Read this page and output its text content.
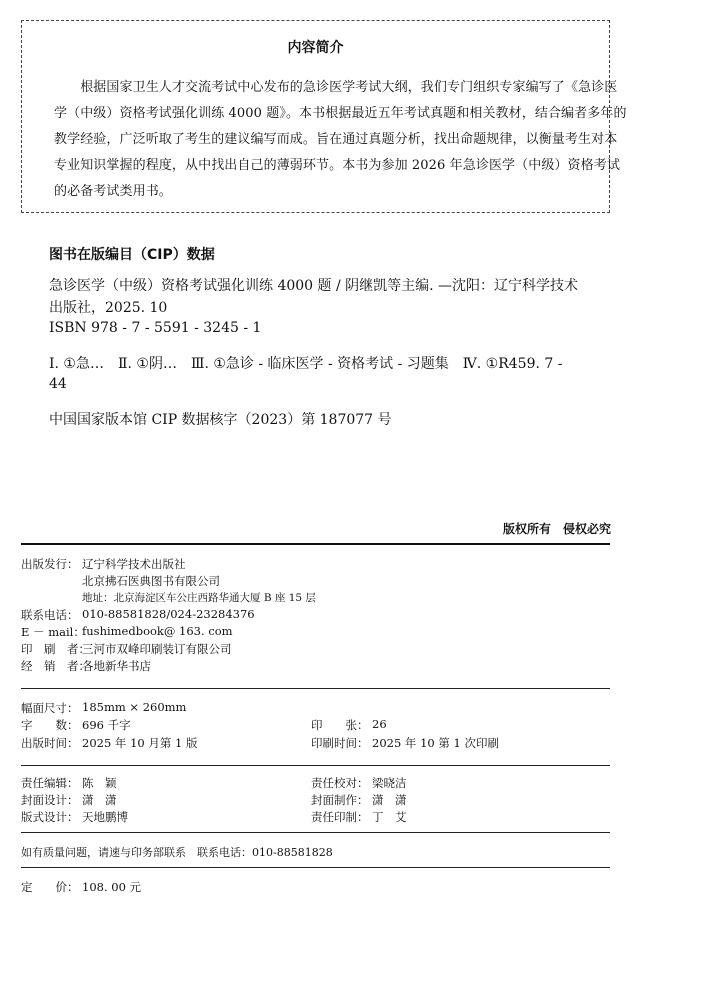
内容简介
　　根据国家卫生人才交流考试中心发布的急诊医学考试大纲，我们专门组织专家编写了《急诊医
学（中级）资格考试强化训练 4000 题》。本书根据最近五年考试真题和相关教材，结合编者多年的
教学经验，广泛听取了考生的建议编写而成。旨在通过真题分析，找出命题规律，以衡量考生对本
专业知识掌握的程度，从中找出自己的薄弱环节。本书为参加 2026 年急诊医学（中级）资格考试
的必备考试类用书。
图书在版编目（CIP）数据
急诊医学（中级）资格考试强化训练 4000 题 / 阴继凯等主编. —沈阳：辽宁科学技术
出版社，2025. 10
ISBN 978 - 7 - 5591 - 3245 - 1
Ⅰ. ①急…　Ⅱ. ①阴…　Ⅲ. ①急诊 - 临床医学 - 资格考试 - 习题集　Ⅳ. ①R459. 7 -
44
中国国家版本馆 CIP 数据核字（2023）第 187077 号
版权所有　侵权必究
出版发行： 辽宁科学技术出版社
北京拂石医典图书有限公司
地址：北京海淀区车公庄西路华通大厦 B 座 15 层
联系电话： 010-88581828/024-23284376
E － mail：
fushimedbook@ 163. com
印　刷　者：
三河市双峰印刷装订有限公司
经　销　者：
各地新华书店
幅面尺寸： 185mm × 260mm
字　　数： 696 千字	印　　张： 26
出版时间： 2025 年 10 月第 1 版	印刷时间： 2025 年 10 第 1 次印刷
责任编辑： 陈　颖	责任校对： 梁晓洁
封面设计： 潇　潇	封面制作： 潇　潇
版式设计： 天地鹏博	责任印制： 丁　艾
如有质量问题，请速与印务部联系　联系电话：010-88581828
定　　价： 108. 00 元
